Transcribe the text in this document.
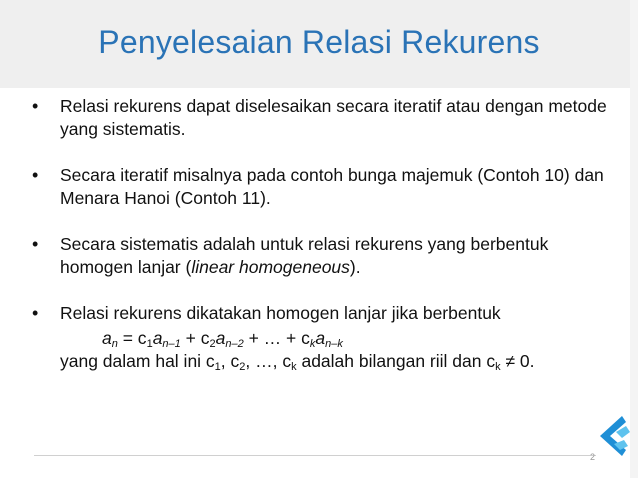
Penyelesaian Relasi Rekurens
• Relasi rekurens dapat diselesaikan secara iteratif atau dengan metode yang sistematis.
• Secara iteratif misalnya pada contoh bunga majemuk (Contoh 10) dan Menara Hanoi (Contoh 11).
• Secara sistematis adalah untuk relasi rekurens yang berbentuk homogen lanjar (linear homogeneous).
• Relasi rekurens dikatakan homogen lanjar jika berbentuk
$a_n = c_1a_{n-1} + c_2a_{n-2}$ + … + $c_ka_{n-k}$
yang dalam hal ini $c_1$, $c_2$, …, $c_k$ adalah bilangan riil dan $c_k \ne 0$.
2
